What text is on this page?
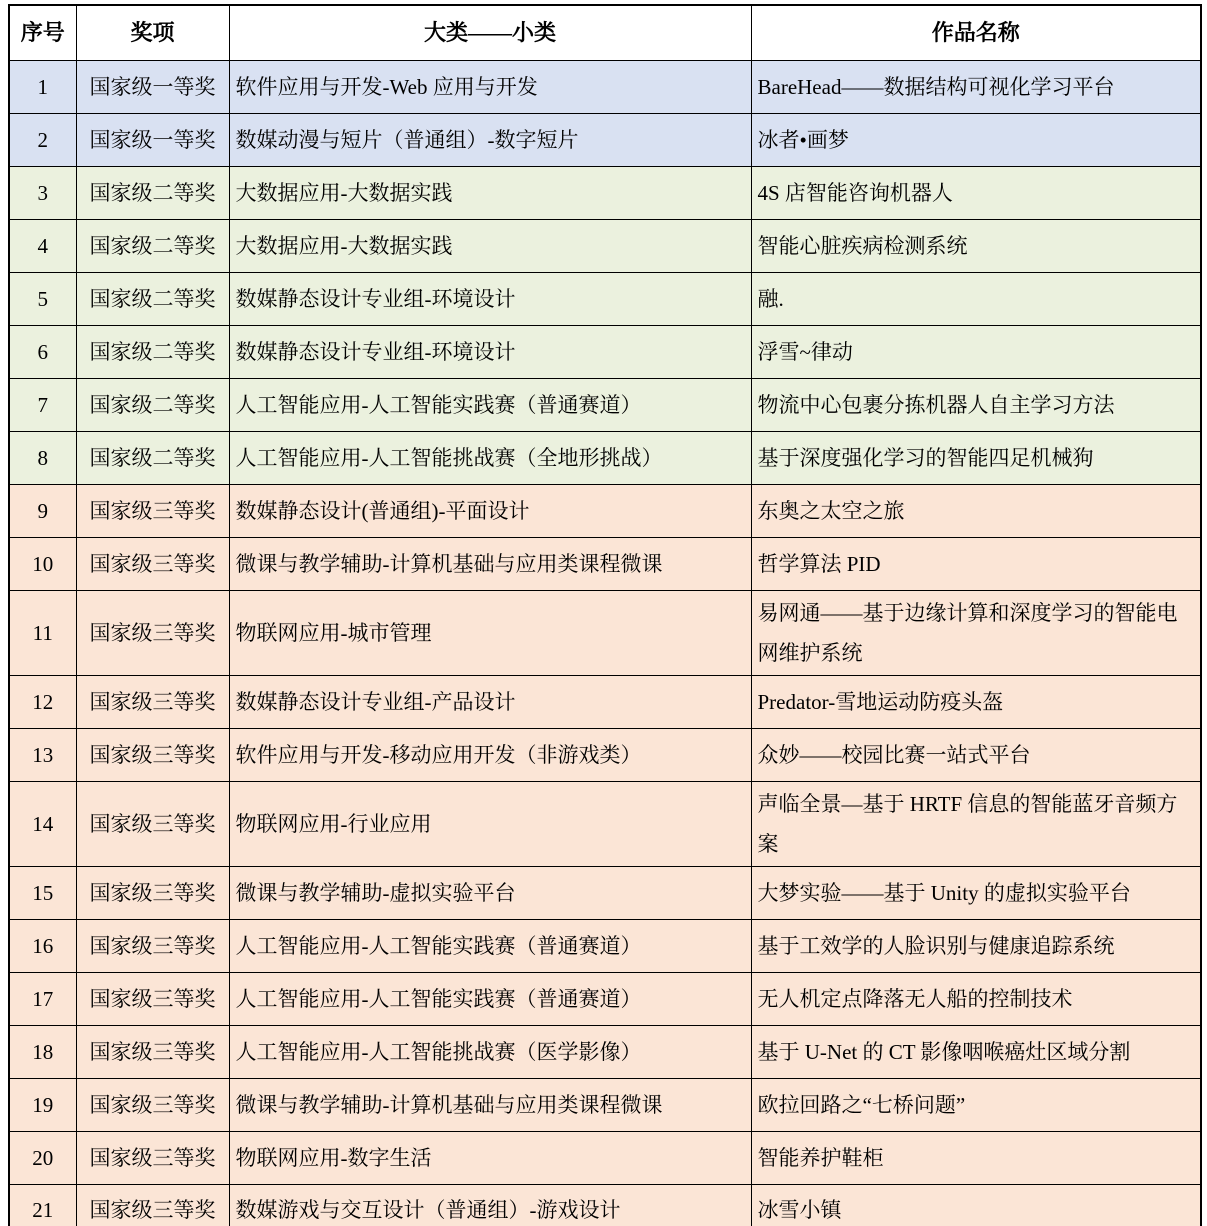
序号	奖项	大类——小类	作品名称
1	国家级一等奖	软件应用与开发-Web 应用与开发	BareHead——数据结构可视化学习平台
2	国家级一等奖	数媒动漫与短片（普通组）-数字短片	冰者•画梦
3	国家级二等奖	大数据应用-大数据实践	4S 店智能咨询机器人
4	国家级二等奖	大数据应用-大数据实践	智能心脏疾病检测系统
5	国家级二等奖	数媒静态设计专业组-环境设计	融.
6	国家级二等奖	数媒静态设计专业组-环境设计	浮雪~律动
7	国家级二等奖	人工智能应用-人工智能实践赛（普通赛道）	物流中心包裹分拣机器人自主学习方法
8	国家级二等奖	人工智能应用-人工智能挑战赛（全地形挑战）	基于深度强化学习的智能四足机械狗
9	国家级三等奖	数媒静态设计(普通组)-平面设计	东奥之太空之旅
10	国家级三等奖	微课与教学辅助-计算机基础与应用类课程微课	哲学算法 PID
11	国家级三等奖	物联网应用-城市管理	易网通——基于边缘计算和深度学习的智能电网维护系统
12	国家级三等奖	数媒静态设计专业组-产品设计	Predator-雪地运动防疫头盔
13	国家级三等奖	软件应用与开发-移动应用开发（非游戏类）	众妙——校园比赛一站式平台
14	国家级三等奖	物联网应用-行业应用	声临全景—基于 HRTF 信息的智能蓝牙音频方案
15	国家级三等奖	微课与教学辅助-虚拟实验平台	大梦实验——基于 Unity 的虚拟实验平台
16	国家级三等奖	人工智能应用-人工智能实践赛（普通赛道）	基于工效学的人脸识别与健康追踪系统
17	国家级三等奖	人工智能应用-人工智能实践赛（普通赛道）	无人机定点降落无人船的控制技术
18	国家级三等奖	人工智能应用-人工智能挑战赛（医学影像）	基于 U-Net 的 CT 影像咽喉癌灶区域分割
19	国家级三等奖	微课与教学辅助-计算机基础与应用类课程微课	欧拉回路之“七桥问题”
20	国家级三等奖	物联网应用-数字生活	智能养护鞋柜
21	国家级三等奖	数媒游戏与交互设计（普通组）-游戏设计	冰雪小镇
